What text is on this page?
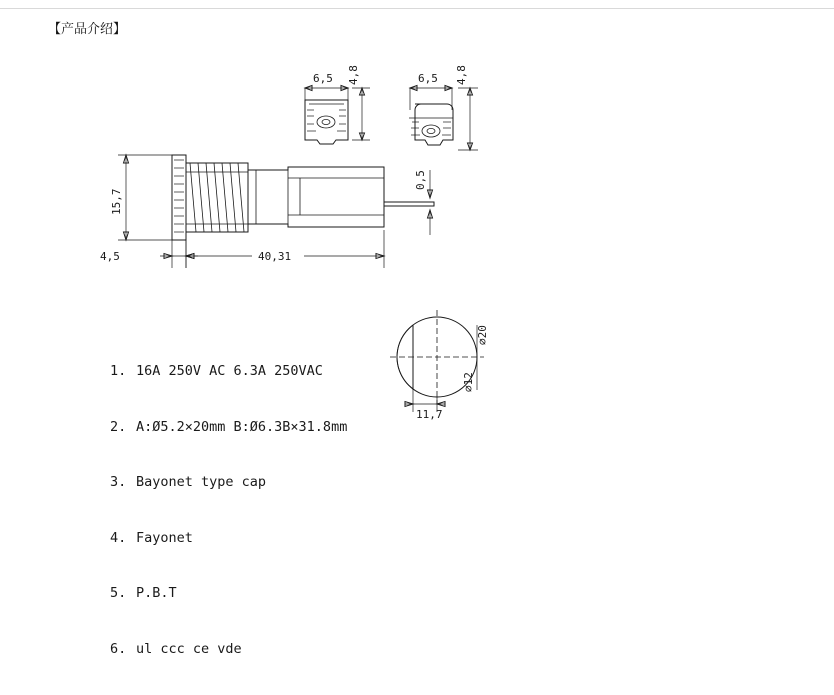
【产品介绍】
6,5 4,8	6,5 4,8
15,7
0,5
4,5	40,31
⌀20
⌀12
11,7

1. 16A 250V AC 6.3A 250VAC

2. A:Ø5.2×20mm B:Ø6.3B×31.8mm

3. Bayonet type cap

4. Fayonet

5. P.B.T

6. ul ccc ce vde
